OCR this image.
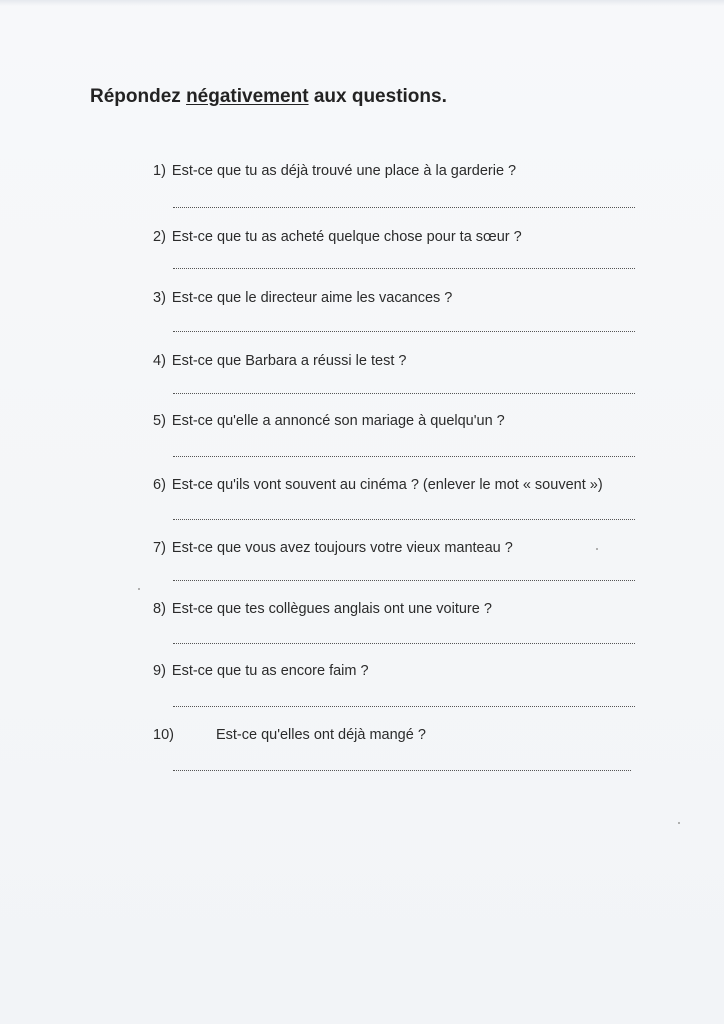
Répondez négativement aux questions.
1) Est-ce que tu as déjà trouvé une place à la garderie ?
2) Est-ce que tu as acheté quelque chose pour ta sœur ?
3) Est-ce que le directeur aime les vacances ?
4) Est-ce que Barbara a réussi le test ?
5) Est-ce qu'elle a annoncé son mariage à quelqu'un ?
6) Est-ce qu'ils vont souvent au cinéma ? (enlever le mot « souvent »)
7) Est-ce que vous avez toujours votre vieux manteau ?
8) Est-ce que tes collègues anglais ont une voiture ?
9) Est-ce que tu as encore faim ?
10)	Est-ce qu'elles ont déjà mangé ?
